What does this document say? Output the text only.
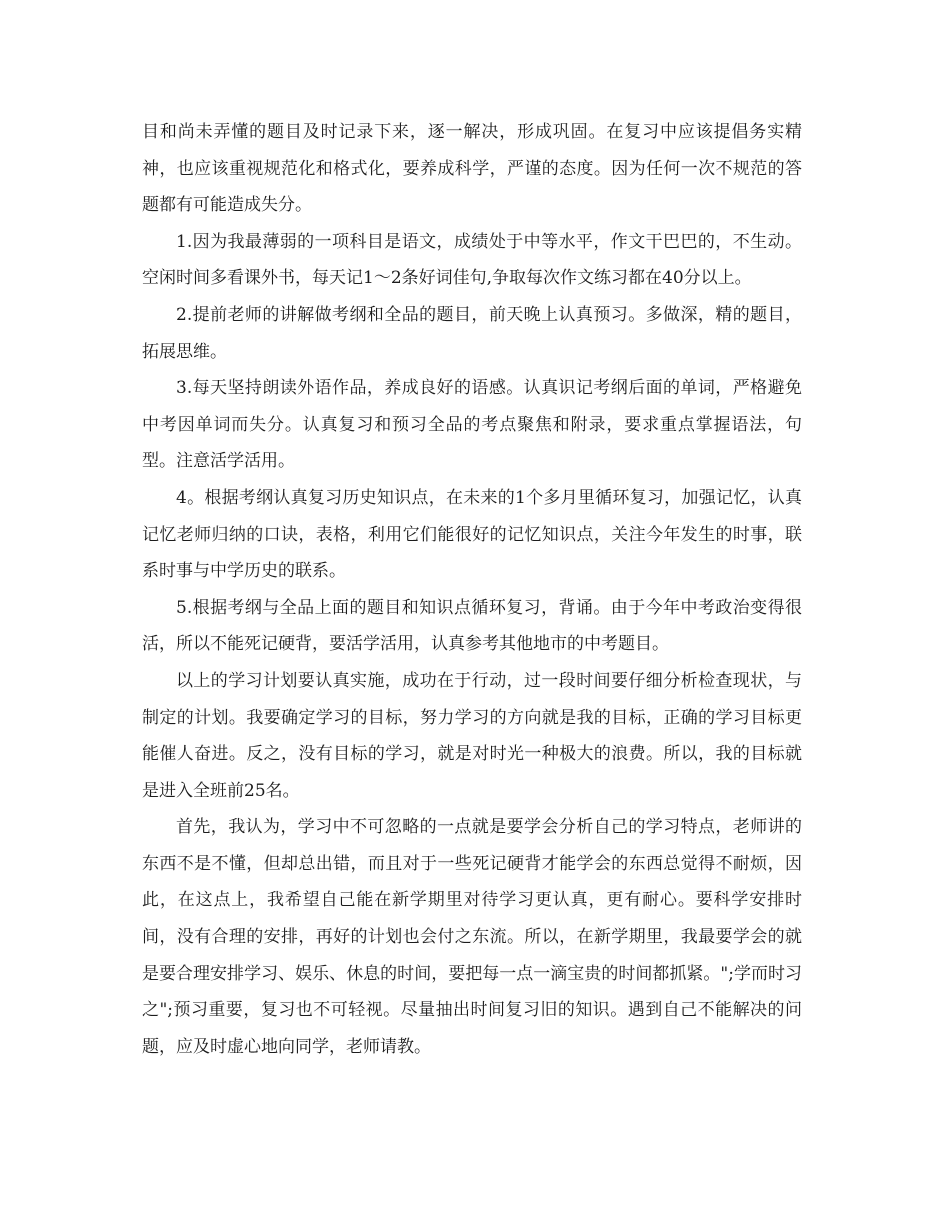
目和尚未弄懂的题目及时记录下来，逐一解决，形成巩固。在复习中应该提倡务实精神，也应该重视规范化和格式化，要养成科学，严谨的态度。因为任何一次不规范的答题都有可能造成失分。

1.因为我最薄弱的一项科目是语文，成绩处于中等水平，作文干巴巴的，不生动。 空闲时间多看课外书，每天记1～2条好词佳句,争取每次作文练习都在40分以上。

2.提前老师的讲解做考纲和全品的题目，前天晚上认真预习。多做深，精的题目，拓展思维。

3.每天坚持朗读外语作品，养成良好的语感。认真识记考纲后面的单词，严格避免中考因单词而失分。认真复习和预习全品的考点聚焦和附录，要求重点掌握语法，句型。注意活学活用。

4。根据考纲认真复习历史知识点，在未来的1个多月里循环复习，加强记忆，认真记忆老师归纳的口诀，表格，利用它们能很好的记忆知识点，关注今年发生的时事，联系时事与中学历史的联系。

5.根据考纲与全品上面的题目和知识点循环复习，背诵。由于今年中考政治变得很活，所以不能死记硬背，要活学活用，认真参考其他地市的中考题目。

以上的学习计划要认真实施，成功在于行动，过一段时间要仔细分析检查现状，与制定的计划。我要确定学习的目标，努力学习的方向就是我的目标，正确的学习目标更能催人奋进。反之，没有目标的学习，就是对时光一种极大的浪费。所以，我的目标就是进入全班前25名。

首先，我认为，学习中不可忽略的一点就是要学会分析自己的学习特点，老师讲的东西不是不懂，但却总出错，而且对于一些死记硬背才能学会的东西总觉得不耐烦，因此，在这点上，我希望自己能在新学期里对待学习更认真，更有耐心。要科学安排时间，没有合理的安排，再好的计划也会付之东流。所以，在新学期里，我最要学会的就是要合理安排学习、娱乐、休息的时间，要把每一点一滴宝贵的时间都抓紧。";学而时习之";预习重要，复习也不可轻视。尽量抽出时间复习旧的知识。遇到自己不能解决的问题，应及时虚心地向同学，老师请教。
